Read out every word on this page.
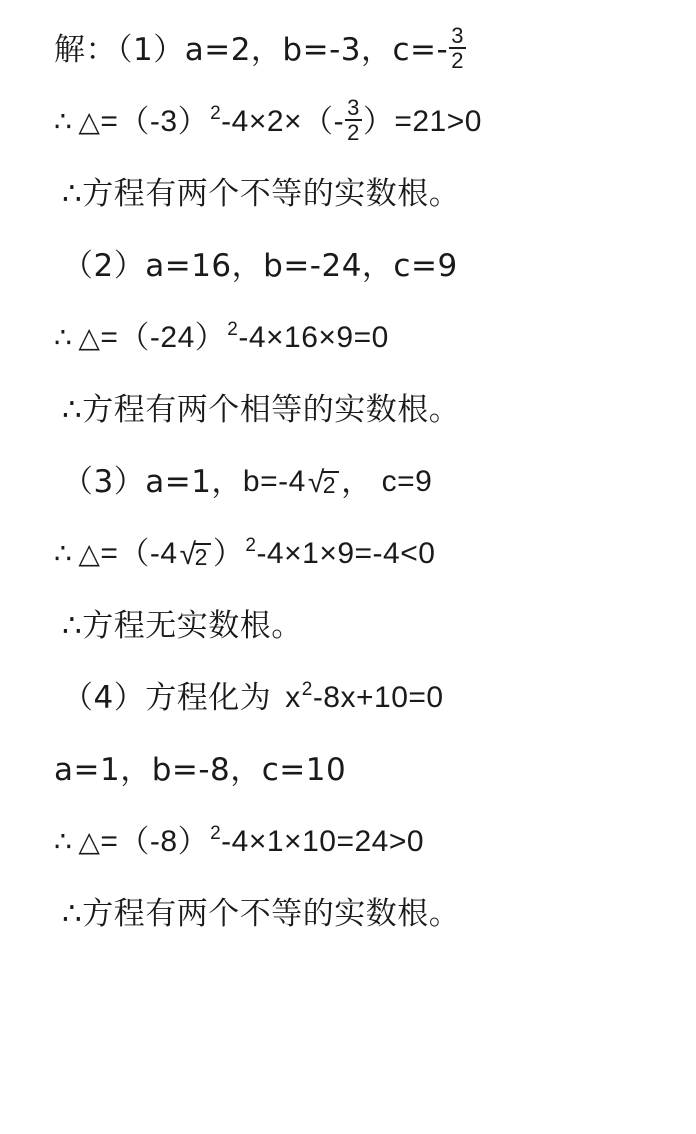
解：（1）a=2，b=-3，$c=- \frac{3}{2}$
∴ △ = （ -3 ） 2 -4×2× （ - $\frac{3}{2}$ ） =21>0
∴方程有两个不等的实数根。
（2）a=16，b=-24，c=9
∴ △ = （ -24 ） 2 -4×16×9=0
∴方程有两个相等的实数根。
（3）a=1， b=-4 √
2 ， c=9
∴ △ = （ -4 √
2 ） 2 -4×1×9=-4<0
∴方程无实数根。
（4）方程化为 x 2 -8x+10=0
a=1，b=-8，c=10
∴ △ = （ -8 ） 2 -4×1×10=24>0
∴方程有两个不等的实数根。
